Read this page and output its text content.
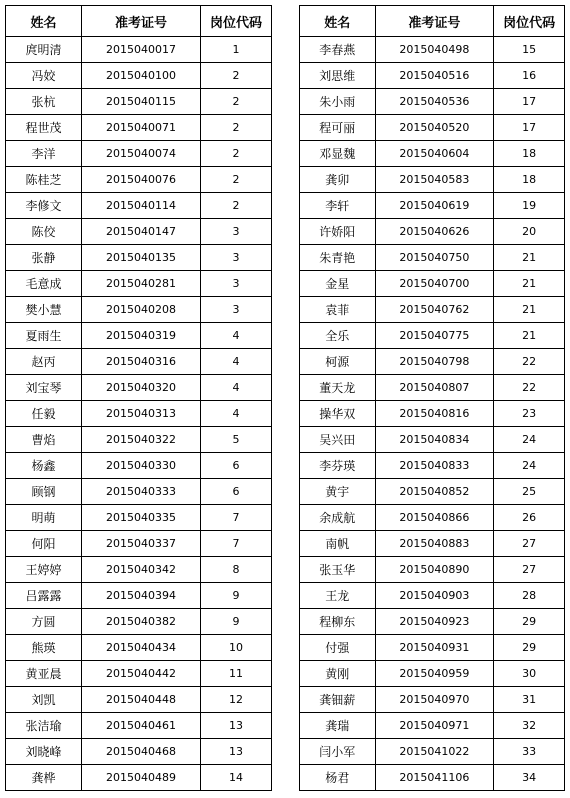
姓名	准考证号	岗位代码
庹明清	2015040017	1
冯姣	2015040100	2
张杭	2015040115	2
程世茂	2015040071	2
李洋	2015040074	2
陈桂芝	2015040076	2
李修文	2015040114	2
陈佼	2015040147	3
张静	2015040135	3
毛意成	2015040281	3
樊小慧	2015040208	3
夏雨生	2015040319	4
赵丙	2015040316	4
刘宝琴	2015040320	4
任毅	2015040313	4
曹焰	2015040322	5
杨鑫	2015040330	6
顾钢	2015040333	6
明萌	2015040335	7
何阳	2015040337	7
王婷婷	2015040342	8
吕露露	2015040394	9
方圆	2015040382	9
熊瑛	2015040434	10
黄亚晨	2015040442	11
刘凯	2015040448	12
张洁瑜	2015040461	13
刘晓峰	2015040468	13
龚桦	2015040489	14
姓名	准考证号	岗位代码
李春燕	2015040498	15
刘思维	2015040516	16
朱小雨	2015040536	17
程可丽	2015040520	17
邓显魏	2015040604	18
龚卯	2015040583	18
李轩	2015040619	19
许娇阳	2015040626	20
朱青艳	2015040750	21
金星	2015040700	21
袁菲	2015040762	21
全乐	2015040775	21
柯源	2015040798	22
董天龙	2015040807	22
操华双	2015040816	23
吴兴田	2015040834	24
李芬瑛	2015040833	24
黄宇	2015040852	25
余成航	2015040866	26
南帆	2015040883	27
张玉华	2015040890	27
王龙	2015040903	28
程柳东	2015040923	29
付强	2015040931	29
黄刚	2015040959	30
龚钿薪	2015040970	31
龚瑞	2015040971	32
闫小军	2015041022	33
杨君	2015041106	34
